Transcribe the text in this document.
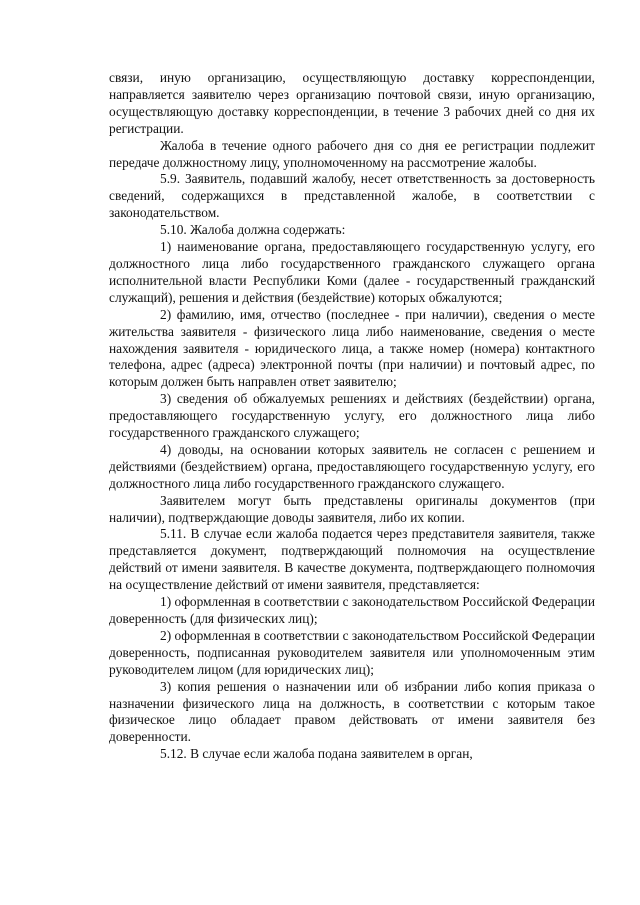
связи, иную организацию, осуществляющую доставку корреспонденции, направляется заявителю через организацию почтовой связи, иную организацию, осуществляющую доставку корреспонденции, в течение 3 рабочих дней со дня их регистрации.

Жалоба в течение одного рабочего дня со дня ее регистрации подлежит передаче должностному лицу, уполномоченному на рассмотрение жалобы.

5.9. Заявитель, подавший жалобу, несет ответственность за достоверность сведений, содержащихся в представленной жалобе, в соответствии с законодательством.

5.10. Жалоба должна содержать:

1) наименование органа, предоставляющего государственную услугу, его должностного лица либо государственного гражданского служащего органа исполнительной власти Республики Коми (далее - государственный гражданский служащий), решения и действия (бездействие) которых обжалуются;

2) фамилию, имя, отчество (последнее - при наличии), сведения о месте жительства заявителя - физического лица либо наименование, сведения о месте нахождения заявителя - юридического лица, а также номер (номера) контактного телефона, адрес (адреса) электронной почты (при наличии) и почтовый адрес, по которым должен быть направлен ответ заявителю;

3) сведения об обжалуемых решениях и действиях (бездействии) органа, предоставляющего государственную услугу, его должностного лица либо государственного гражданского служащего;

4) доводы, на основании которых заявитель не согласен с решением и действиями (бездействием) органа, предоставляющего государственную услугу, его должностного лица либо государственного гражданского служащего.

Заявителем могут быть представлены оригиналы документов (при наличии), подтверждающие доводы заявителя, либо их копии.

5.11. В случае если жалоба подается через представителя заявителя, также представляется документ, подтверждающий полномочия на осуществление действий от имени заявителя. В качестве документа, подтверждающего полномочия на осуществление действий от имени заявителя, представляется:

1) оформленная в соответствии с законодательством Российской Федерации доверенность (для физических лиц);

2) оформленная в соответствии с законодательством Российской Федерации доверенность, подписанная руководителем заявителя или уполномоченным этим руководителем лицом (для юридических лиц);

3) копия решения о назначении или об избрании либо копия приказа о назначении физического лица на должность, в соответствии с которым такое физическое лицо обладает правом действовать от имени заявителя без доверенности.

5.12. В случае если жалоба подана заявителем в орган,
